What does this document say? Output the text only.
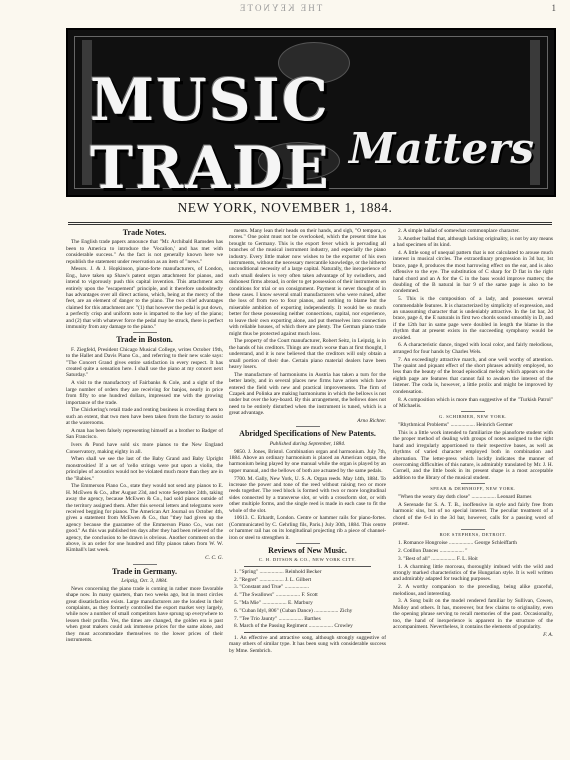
THE KEYNOTE	1
MUSIC TRADE Matters
NEW YORK, NOVEMBER 1, 1884.

Trade Notes.

The English trade papers announce that "Mr. Archibald Ramsden has been to America to introduce the 'Vocalion,' and has met with considerable success." As the fact is not generally known here we republish the statement under reservation as an item of "news."

Messrs. J. & J. Hopkinson, piano-forte manufacturers, of London, Eng., have taken up Shaw's patent organ attachment for pianos, and intend to vigorously push this capital invention. This attachment acts entirely upon the "escapement" principle, and it therefore undoubtedly has advantages over all direct actions, which, being at the mercy of the feet, are an element of danger to the piano. The two chief advantages claimed for this attachment are: "(1) that however the pedal is put down, a perfectly crisp and uniform note is imparted to the key of the piano; and (2) that with whatever force the pedal may be struck, there is perfect immunity from any damage to the piano."

Trade in Boston.

F. Ziegfeld, President Chicago Musical College, writes October 19th, to the Hallet and Davis Piano Co., and referring to their new scale says: "The Concert Grand gives entire satisfaction in every respect. It has created quite a sensation here. I shall use the piano at my concert next Saturday."

A visit to the manufactory of Fairbanks & Cole, and a sight of the large number of orders they are receiving for banjos, nearly in price from fifty to one hundred dollars, impressed me with the growing importance of the trade.

The Chickering's retail trade and renting business is crowding them to such an extent, that two men have been taken from the factory to assist at the warerooms.

A man has been falsely representing himself as a brother to Badger of San Francisco.

Ivers & Pond have sold six more pianos to the New England Conservatory, making eighty in all.

When shall we see the last of the Baby Grand and Baby Upright monstrosities! If a set of 'cello strings were put upon a violin, the principles of acoustics would not be violated much more than they are in the "Babies."

The Emmerson Piano Co., state they would not send any pianos to E. H. McEwen & Co., after August 23d, and wrote September 24th, taking away the agency, because McEwen & Co., had sold pianos outside of the territory assigned them. After this several letters and telegrams were received begging for pianos. The American Art Journal on October 4th, gives a statement from McEwen & Co., that "they had given up the agency because the guarantee of the Emmerson Piano Co., was not good." As this was published ten days after they had been relieved of the agency, the conclusion to be drawn is obvious. Another comment on the above, is an order for one hundred and fifty pianos taken from W. W. Kimball's last week.

C. C. G.

Trade in Germany.

Leipzig, Oct. 3, 1884.

News concerning the piano trade is coming in rather more favorable shape now. In many quarters, than two weeks ago, but in most circles great dissatisfaction exists. Large manufacturers are the loudest in their complaints, as they formerly controlled the export market very largely, while now a number of small competitors have sprung up everywhere to lessen their profits. Yes, the times are changed, the golden era is past when great makers could ask immense prices for the same alone, and they must accommodate themselves to the lower prices of their instruments.

ments. Many lean their heads on their hands, and sigh, "O tempora, o mores." One point must not be overlooked, which the present time has brought to Germany. This is the export fever which is pervading all branches of the musical instrument industry, and especially the piano industry. Every little maker now wishes to be the exporter of his own instruments, without the necessary mercantile knowledge, or the hitherto unconditional necessity of a large capital. Naturally, the inexperience of such small dealers is very often taken advantage of by swindlers, and dishonest firms abroad, in order to get possession of their instruments on conditions for trial or on consignment. Payment is never thought of in these cases. I know several small manufacturers who were ruined, after the loss of from two to four pianos, and nothing to blame but the miserable ambition of exporting independently. It would be so much better for these possessing neither connections, capital, nor experience, to leave their own exporting alone, and put themselves into connection with reliable houses, of which there are plenty. The German piano trade might thus be protected against much loss.

The property of the Court manufacturer, Robert Seitz, in Leipzig, is in the hands of his creditors. Things are much worse than at first thought, I understand, and it is now believed that the creditors will only obtain a small portion of their due. Certain piano material dealers have been heavy losers.

The manufacture of harmoniums in Austria has taken a turn for the better lately, and in several places new firms have arisen which have entered the field with new and practical improvements. The firm of Czapek and Polinka are making harmoniums in which the bellows is not under but over the key-board. By this arrangement, the bellows does not need to be entirely disturbed when the instrument is tuned, which is a great advantage.

Arno Richter.

Abridged Specifications of New Patents.

Published during September, 1884.

9850. J. Jones, Bristol. Combination organ and harmonium. July 7th, 1884. Above an ordinary harmonium is placed an American organ, the harmonium being played by one manual while the organ is played by an upper manual, and the bellows of both are actuated by the same pedals.

7700. M. Gally, New York, U. S. A. Organ reeds. May 14th, 1884. To increase the power and tone of the reed without raising two or more reeds together. The reed block is formed with two or more longitudinal sides connected by a transverse slot, or with a crossform slot, or with other multiple forms, and the single reed is made in each case to fit the whole of the slot.

10613. C. Erhardt, London. Centre or hammer rails for piano-fortes. (Communicated by C. Gehrling fils, Paris.) July 30th, 1884. This centre or hammer rail has on its longitudinal projecting rib a piece of channel-iron or steel to strengthen it.

Reviews of New Music.

C. H. DITSON & CO., NEW YORK CITY.

1. "Spring" .................. Reinhold Becker

2. "Regret" .................. J. L. Gilbert

3. "Constant and True" ..................

4. "The Swallows" .................. F. Scott

5. "Ma Mie" .................. E. Marbury

6. "Cuban Idyl, 806" (Cuban Dance) .................. Zichy

7. "Tee Trio Jaunty" .................. Barthes

8. March of the Passing Regiment .................. Crowley

1. An effective and attractive song, although strongly suggestive of many others of similar type. It has been sung with considerable success by Mme. Sembrich.

2. A simple ballad of somewhat commonplace character.

3. Another ballad that, although lacking originality, is not by any means a bad specimen of its kind.

4. A little song of unequal pattern that is not calculated to arouse much interest in musical circles. The extraordinary progression in 3d bar, 1st brace, page 8, produces the most harrowing effect on the ear, and is also offensive to the eye. The substitution of C sharp for D flat in the right hand chord and an A for the C in the bass would improve matters; the doubling of the B natural in bar 9 of the same page is also to be condemned.

5. This is the composition of a lady, and possesses several commendable features. It is characterized by simplicity of expression, and an unassuming character that is undeniably attractive. In the 1st bar, 2d brace, page 4, the E naturals in first two chords sound smoothly in D, and if the 12th bar in same page were doubled in length the blame in the rhythm that at present exists in the succeeding symphony would be avoided.

6. A characteristic dance, tinged with local color, and fairly melodious, arranged for four hands by Charles Wels.

7. An exceedingly attractive march, and one well worthy of attention. The quaint and piquant effect of the short phrases adroitly employed, no less than the beauty of the broad episodical melody which appears on the eighth page are features that cannot fail to awaken the interest of the listener. The coda is, however, a little prolix and might be improved by condensation.

8. A composition which is more than suggestive of the "Turkish Patrol" of Michaelis.

G. SCHIRMER, NEW YORK.

"Rhythmical Problems" .................. Heinrich Germer

This is a little work intended to familiarize the pianoforte student with the proper method of dealing with groups of notes assigned to the right hand and irregularly apportioned to their respective bases, as well as rhythms of varied character employed both in combination and alternation. The letter-press which lucidly indicates the manner of overcoming difficulties of this nature, is admirably translated by Mr. J. H. Cornell, and the little book in its present shape is a most acceptable addition to the library of the musical student.

SPEAR & DEHNHOFF, NEW YORK.

"When the weary day doth close" .................. Leonard Barnes

A Serenade for S. A. T. B., inoffensive in style and fairly free from harmonic sins, but of no special interest. The peculiar treatment of a chord of the 6-4 in the 3d bar, however, calls for a passing word of protest.

ROE STEPHENS, DETROIT.

1. Romance Hongroise .................. George Schleiffarth

2. Cotillon Dances .................. "

3. "Best of all" .................. F. L. Hoit

1. A charming little morceau, thoroughly imbued with the wild and strongly marked characteristics of the Hungarian style. It is well written and admirably adapted for teaching purposes.

2. A worthy companion to the preceding, being alike graceful, melodious, and interesting.

3. A Song built on the model rendered familiar by Sullivan, Cowen, Molloy and others. It has, moreover, but few claims to originality, even the opening phrase serving to recall memories of the past. Occasionally, too, the hand of inexperience is apparent in the structure of the accompaniment. Nevertheless, it contains the elements of popularity.

F. A.
